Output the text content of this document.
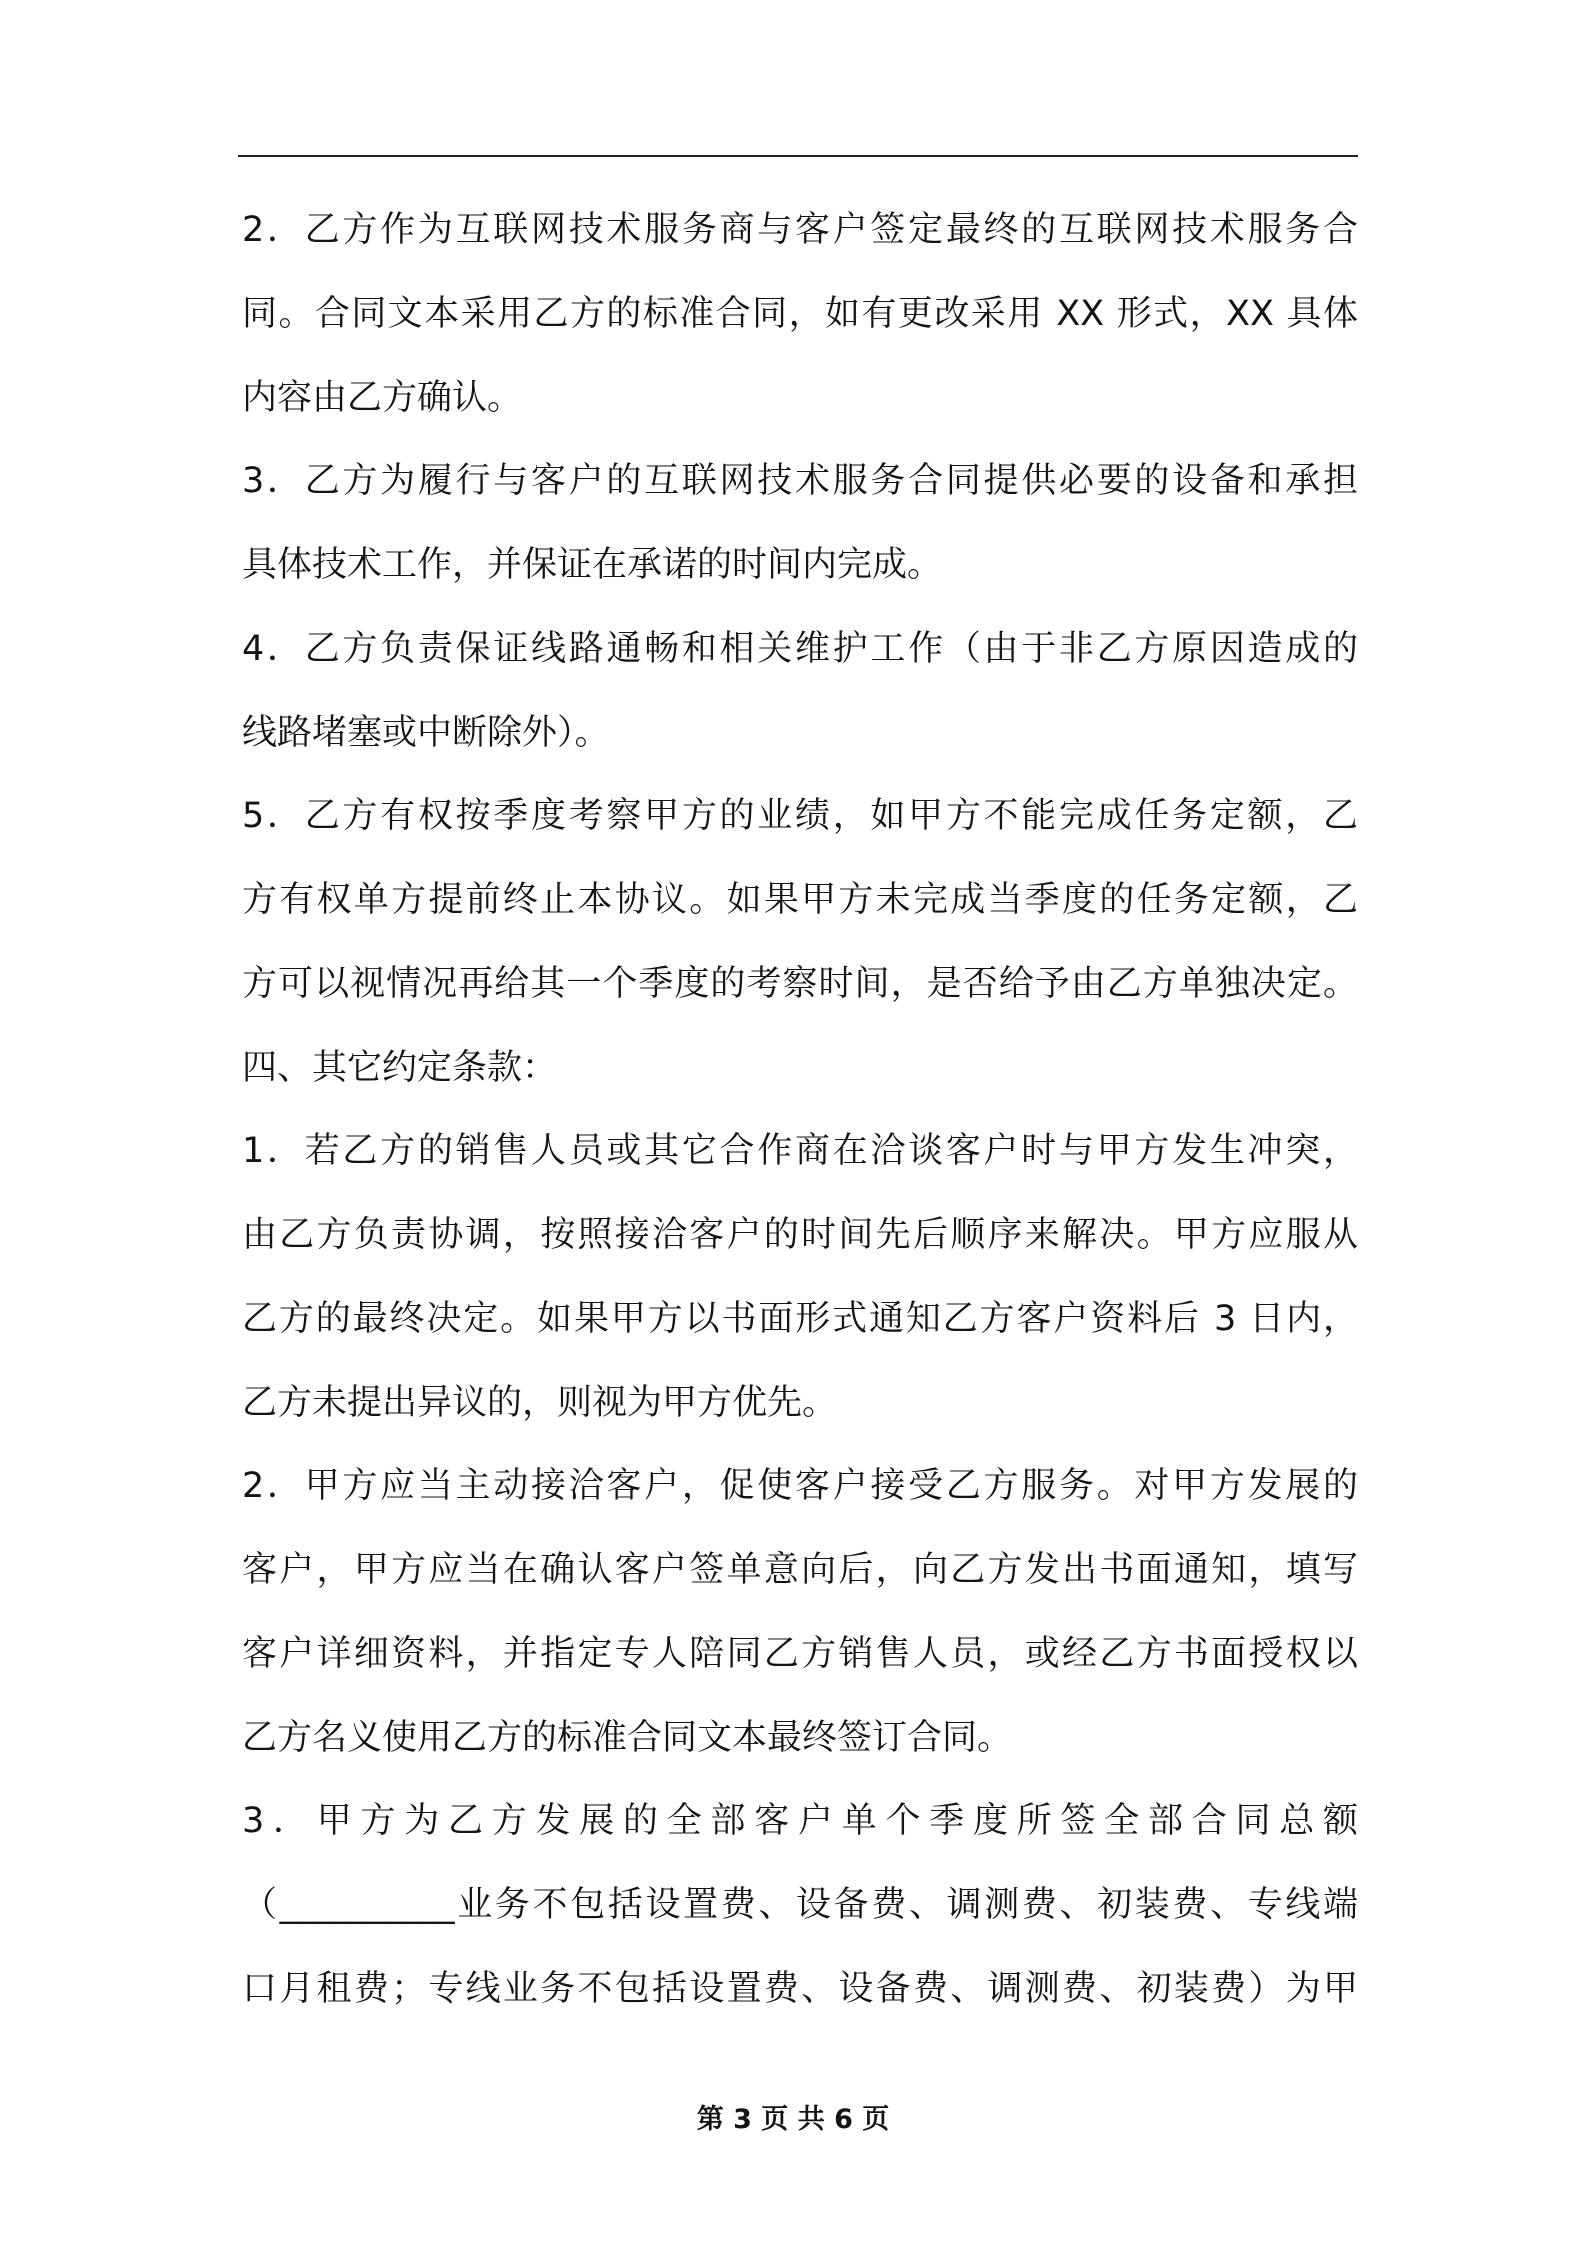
2．乙方作为互联网技术服务商与客户签定最终的互联网技术服务合
同。合同文本采用乙方的标准合同，如有更改采用 XX 形式，XX 具体
内容由乙方确认。
3．乙方为履行与客户的互联网技术服务合同提供必要的设备和承担
具体技术工作，并保证在承诺的时间内完成。
4．乙方负责保证线路通畅和相关维护工作（由于非乙方原因造成的
线路堵塞或中断除外）。
5．乙方有权按季度考察甲方的业绩，如甲方不能完成任务定额，乙
方有权单方提前终止本协议。如果甲方未完成当季度的任务定额，乙
方可以视情况再给其一个季度的考察时间，是否给予由乙方单独决定。
四、其它约定条款：
1．若乙方的销售人员或其它合作商在洽谈客户时与甲方发生冲突，
由乙方负责协调，按照接洽客户的时间先后顺序来解决。甲方应服从
乙方的最终决定。如果甲方以书面形式通知乙方客户资料后 3 日内，
乙方未提出异议的，则视为甲方优先。
2．甲方应当主动接洽客户，促使客户接受乙方服务。对甲方发展的
客户，甲方应当在确认客户签单意向后，向乙方发出书面通知，填写
客户详细资料，并指定专人陪同乙方销售人员，或经乙方书面授权以
乙方名义使用乙方的标准合同文本最终签订合同。
3．甲方为乙方发展的全部客户单个季度所签全部合同总额
（__________业务不包括设置费、设备费、调测费、初装费、专线端
口月租费；专线业务不包括设置费、设备费、调测费、初装费）为甲
第 3 页 共 6 页
